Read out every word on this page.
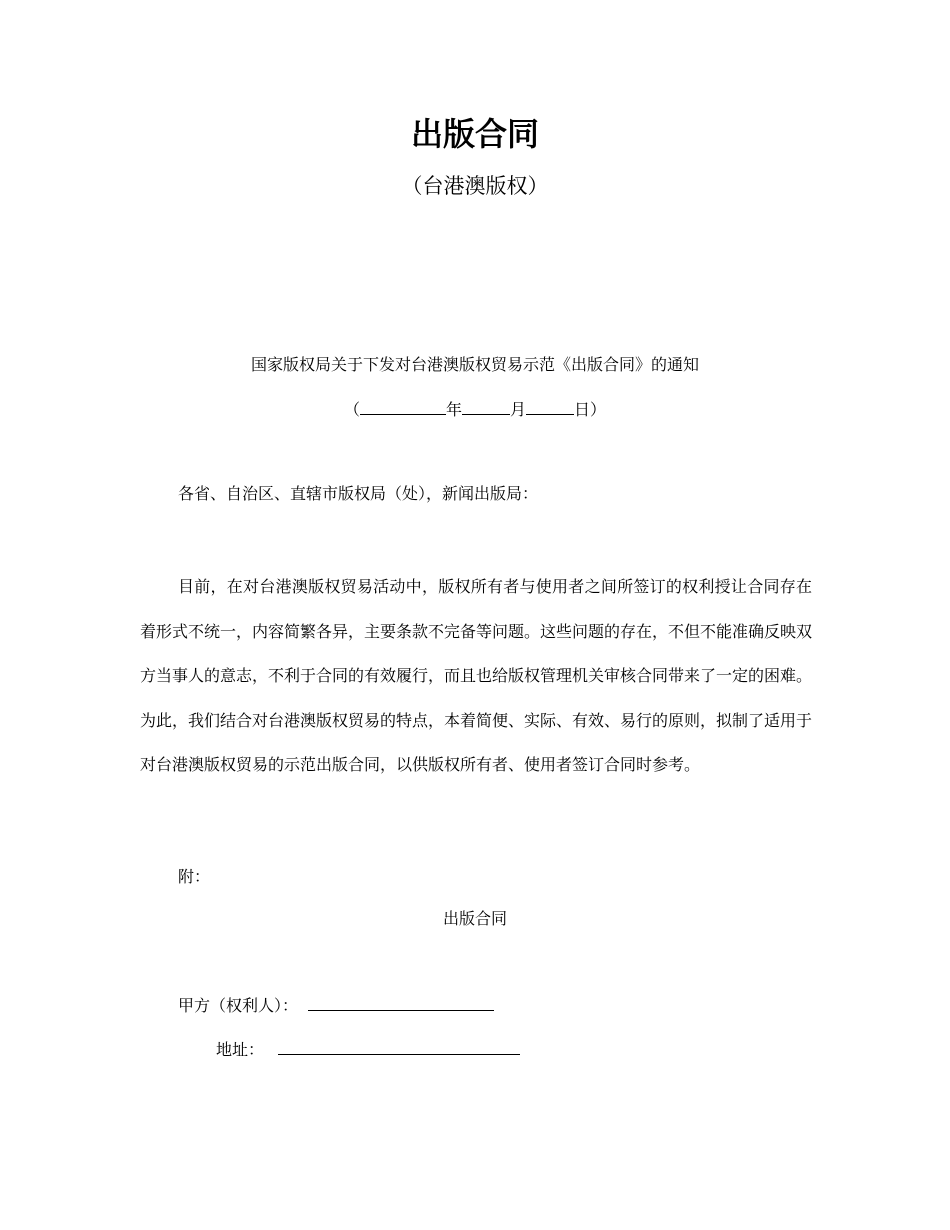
出版合同
（台港澳版权）
国家版权局关于下发对台港澳版权贸易示范《出版合同》的通知
（	年	月	日）
各省、自治区、直辖市版权局（处），新闻出版局：
目前，在对台港澳版权贸易活动中，版权所有者与使用者之间所签订的权利授让合同存在着形式不统一，内容简繁各异，主要条款不完备等问题。这些问题的存在，不但不能准确反映双方当事人的意志，不利于合同的有效履行，而且也给版权管理机关审核合同带来了一定的困难。为此，我们结合对台港澳版权贸易的特点，本着简便、实际、有效、易行的原则，拟制了适用于对台港澳版权贸易的示范出版合同，以供版权所有者、使用者签订合同时参考。
附：
出版合同
甲方（权利人）：
地址：
